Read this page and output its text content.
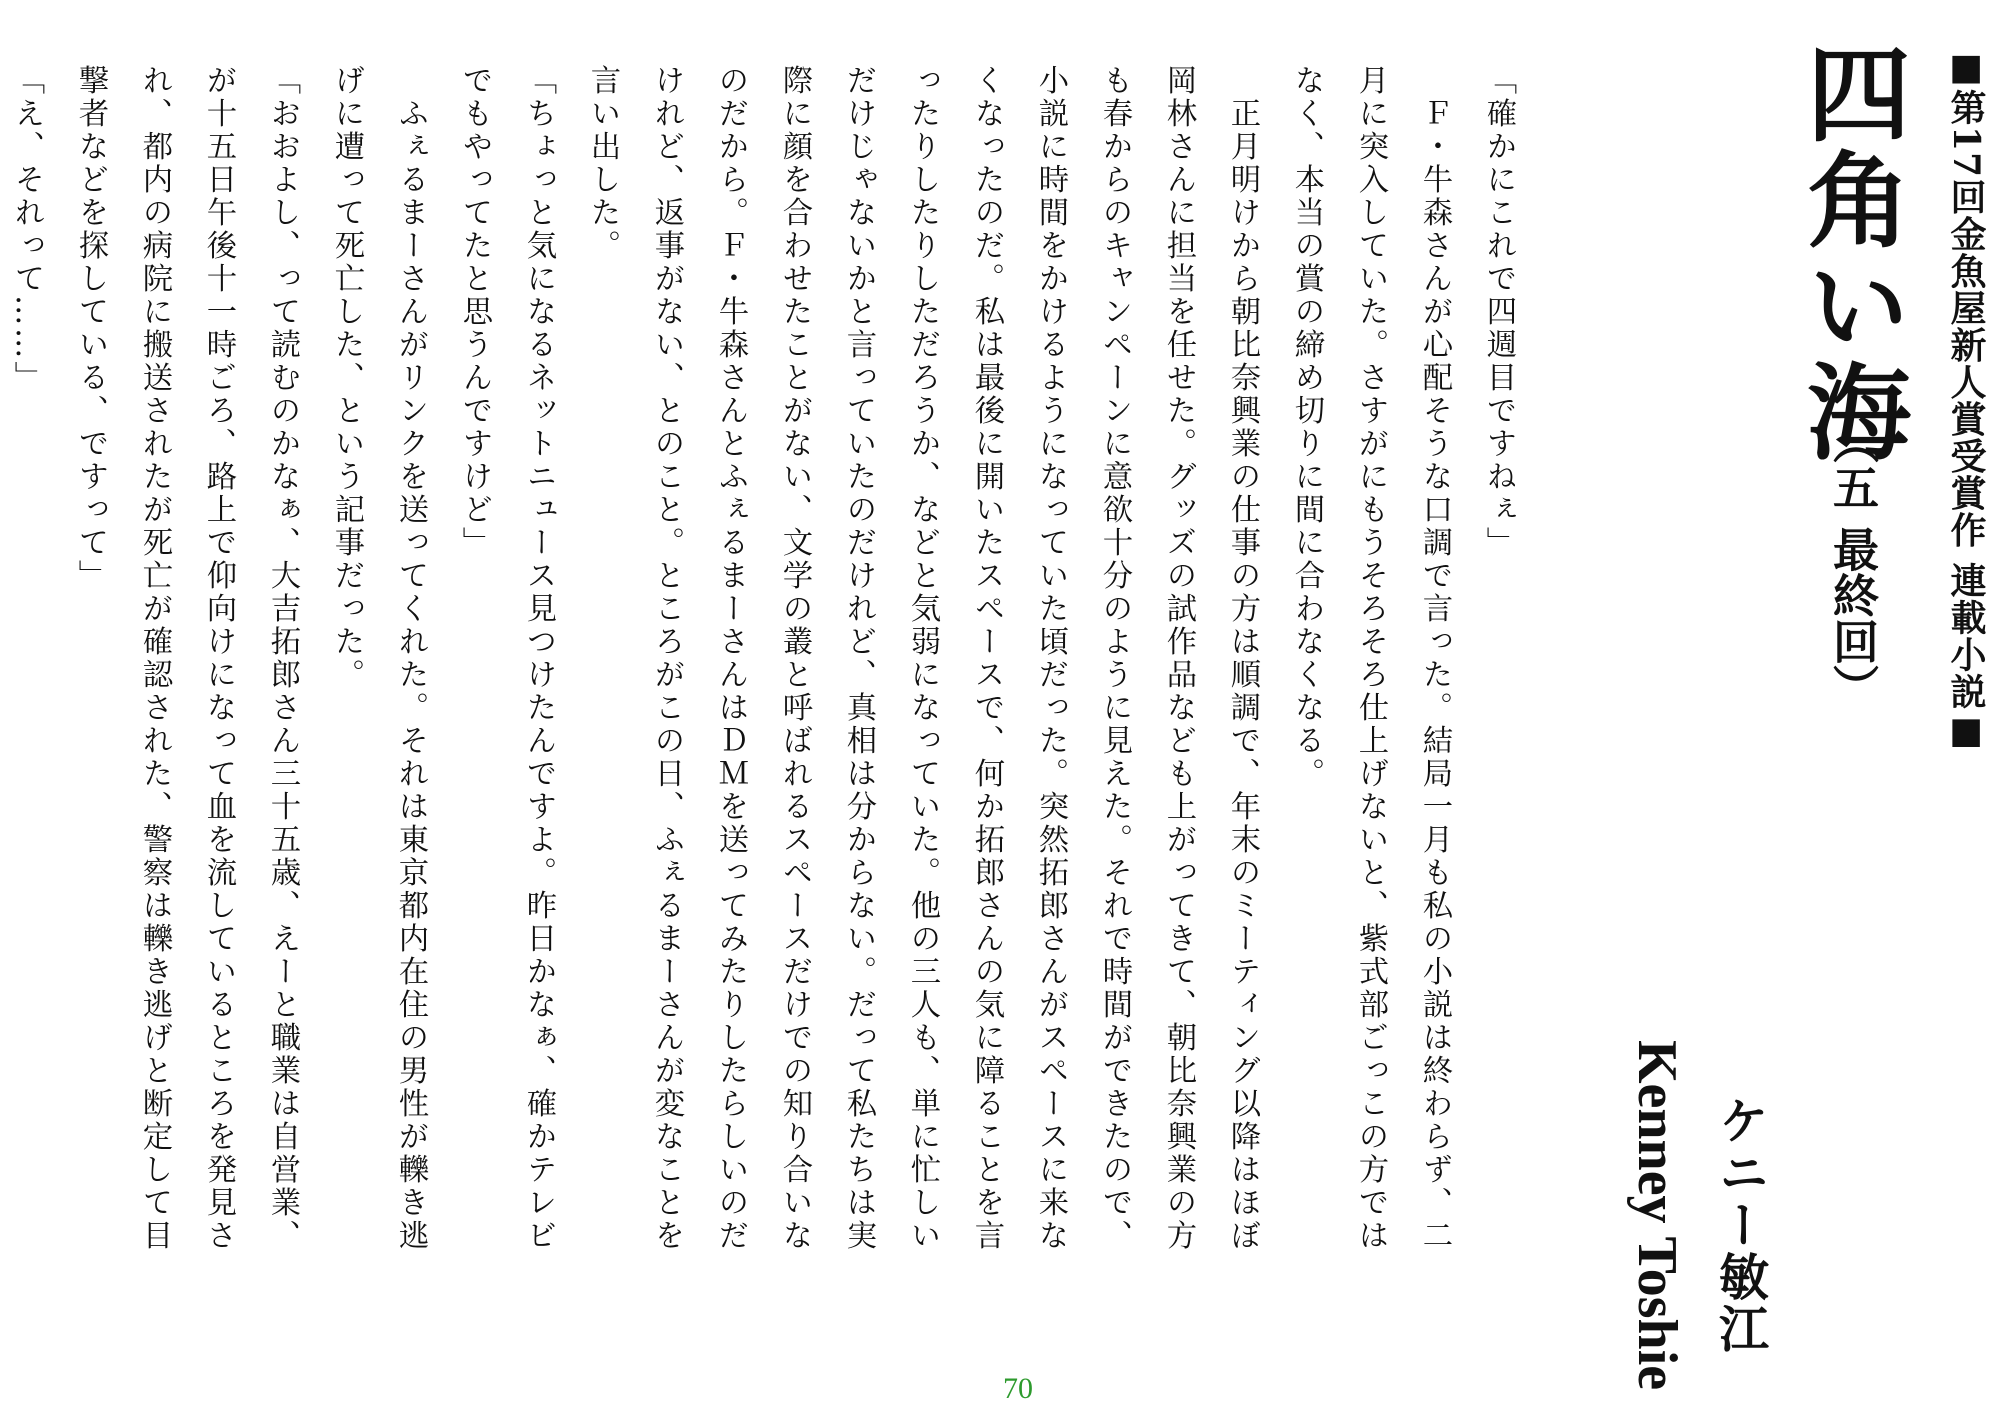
■第17回金魚屋新人賞受賞作 連載小説■
四角い海
（五 最終回）
ケニー敏江
Kenney Toshie

「確かにこれで四週目ですねぇ」

　Ｆ・牛森さんが心配そうな口調で言った。結局一月も私の小説は終わらず、二

月に突入していた。さすがにもうそろそろ仕上げないと、紫式部ごっこの方では

なく、本当の賞の締め切りに間に合わなくなる。

　正月明けから朝比奈興業の仕事の方は順調で、年末のミーティング以降はほぼ

岡林さんに担当を任せた。グッズの試作品なども上がってきて、朝比奈興業の方

も春からのキャンペーンに意欲十分のように見えた。それで時間ができたので、

小説に時間をかけるようになっていた頃だった。突然拓郎さんがスペースに来な

くなったのだ。私は最後に開いたスペースで、何か拓郎さんの気に障ることを言

ったりしたりしただろうか、などと気弱になっていた。他の三人も、単に忙しい

だけじゃないかと言っていたのだけれど、真相は分からない。だって私たちは実

際に顔を合わせたことがない、文学の叢と呼ばれるスペースだけでの知り合いな

のだから。Ｆ・牛森さんとふぇるまーさんはＤＭを送ってみたりしたらしいのだ

けれど、返事がない、とのこと。ところがこの日、ふぇるまーさんが変なことを

言い出した。

「ちょっと気になるネットニュース見つけたんですよ。昨日かなぁ、確かテレビ

でもやってたと思うんですけど」

　ふぇるまーさんがリンクを送ってくれた。それは東京都内在住の男性が轢き逃

げに遭って死亡した、という記事だった。

「おおよし、って読むのかなぁ、大吉拓郎さん三十五歳、えーと職業は自営業、

が十五日午後十一時ごろ、路上で仰向けになって血を流しているところを発見さ

れ、都内の病院に搬送されたが死亡が確認された、警察は轢き逃げと断定して目

撃者などを探している、ですって」

「え、それって……」

70
